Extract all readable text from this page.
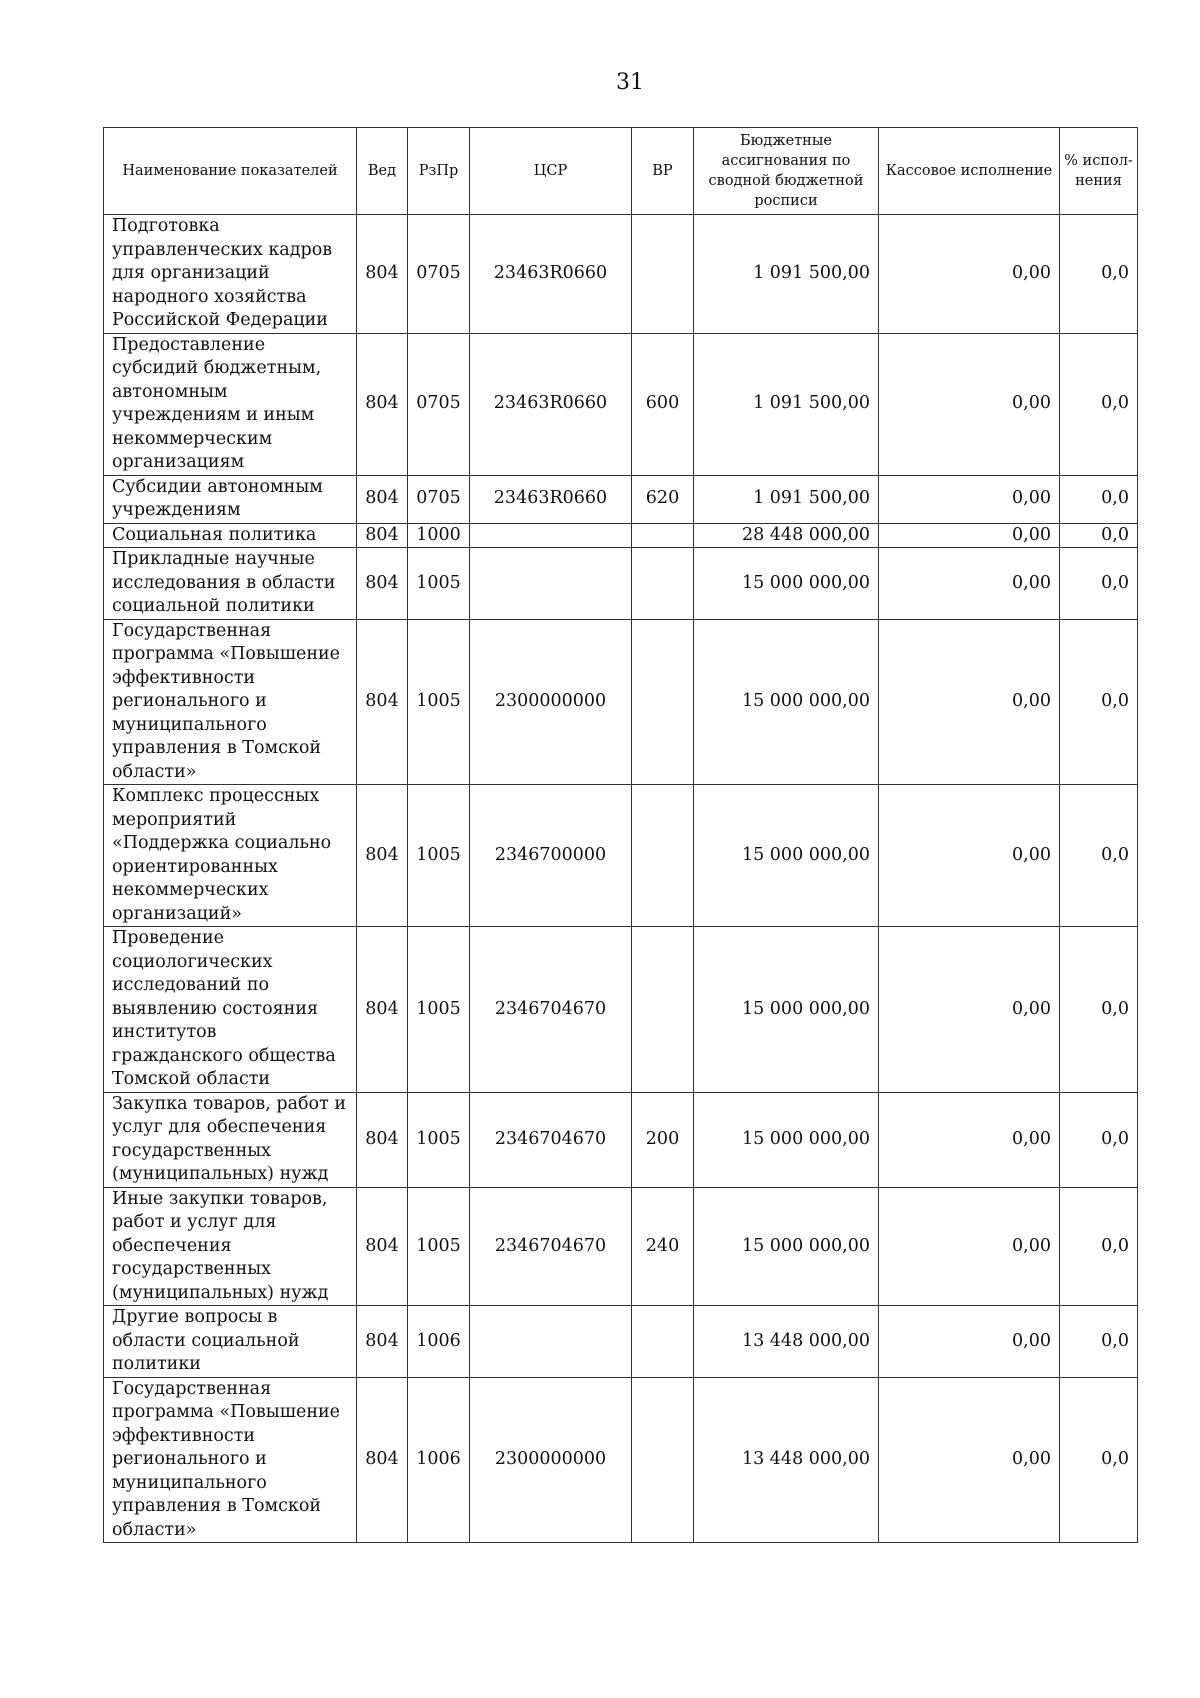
31
Наименование показателей	Вед	РзПр	ЦСР	ВР	Бюджетные ассигнования по сводной бюджетной росписи	Кассовое исполнение	% испол- нения
Подготовка управленческих кадров для организаций народного хозяйства Российской Федерации	804	0705	23463R0660		1 091 500,00	0,00	0,0
Предоставление субсидий бюджетным, автономным учреждениям и иным некоммерческим организациям	804	0705	23463R0660	600	1 091 500,00	0,00	0,0
Субсидии автономным учреждениям	804	0705	23463R0660	620	1 091 500,00	0,00	0,0
Социальная политика	804	1000			28 448 000,00	0,00	0,0
Прикладные научные исследования в области социальной политики	804	1005			15 000 000,00	0,00	0,0
Государственная программа «Повышение эффективности регионального и муниципального управления в Томской области»	804	1005	2300000000		15 000 000,00	0,00	0,0
Комплекс процессных мероприятий «Поддержка социально ориентированных некоммерческих организаций»	804	1005	2346700000		15 000 000,00	0,00	0,0
Проведение социологических исследований по выявлению состояния институтов гражданского общества Томской области	804	1005	2346704670		15 000 000,00	0,00	0,0
Закупка товаров, работ и услуг для обеспечения государственных (муниципальных) нужд	804	1005	2346704670	200	15 000 000,00	0,00	0,0
Иные закупки товаров, работ и услуг для обеспечения государственных (муниципальных) нужд	804	1005	2346704670	240	15 000 000,00	0,00	0,0
Другие вопросы в области социальной политики	804	1006			13 448 000,00	0,00	0,0
Государственная программа «Повышение эффективности регионального и муниципального управления в Томской области»	804	1006	2300000000		13 448 000,00	0,00	0,0
